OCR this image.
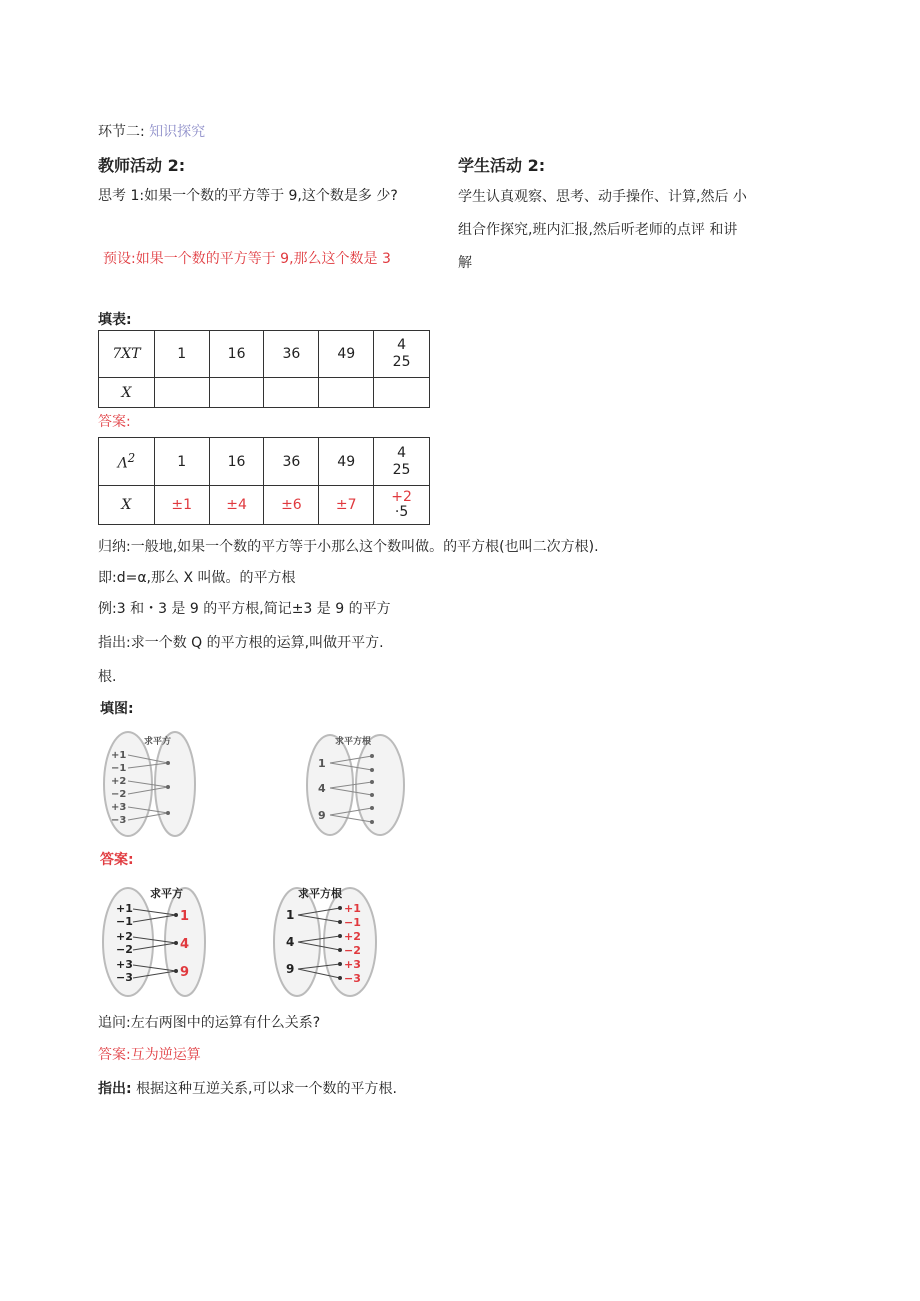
环节二: 知识探究
教师活动 2:
思考 1:如果一个数的平方等于 9,这个数是多 少?
预设:如果一个数的平方等于 9,那么这个数是 3
学生活动 2:
学生认真观察、思考、动手操作、计算,然后 小
组合作探究,班内汇报,然后听老师的点评 和讲
解
填表:
7XT	1	16	36	49	4
25

X					
答案:
$\Lambda^2$	1	16	36	49	4
25

X	±1	±4	±6	±7	+2
·5
归纳:一般地,如果一个数的平方等于小那么这个数叫做。的平方根(也叫二次方根).
即:d=α,那么 X 叫做。的平方根
例:3 和・3 是 9 的平方根,简记±3 是 9 的平方
指出:求一个数 Q 的平方根的运算,叫做开平方.
根.
填图:
求平方
+1
−1
+2
−2
+3
−3
求平方根
1
4
9
答案:
求平方
+1
−1
+2
−2
+3
−3
1
4
9
求平方根
1
4
9
+1
−1
+2
−2
+3
−3
追问:左右两图中的运算有什么关系?
答案:互为逆运算
指出: 根据这种互逆关系,可以求一个数的平方根.
